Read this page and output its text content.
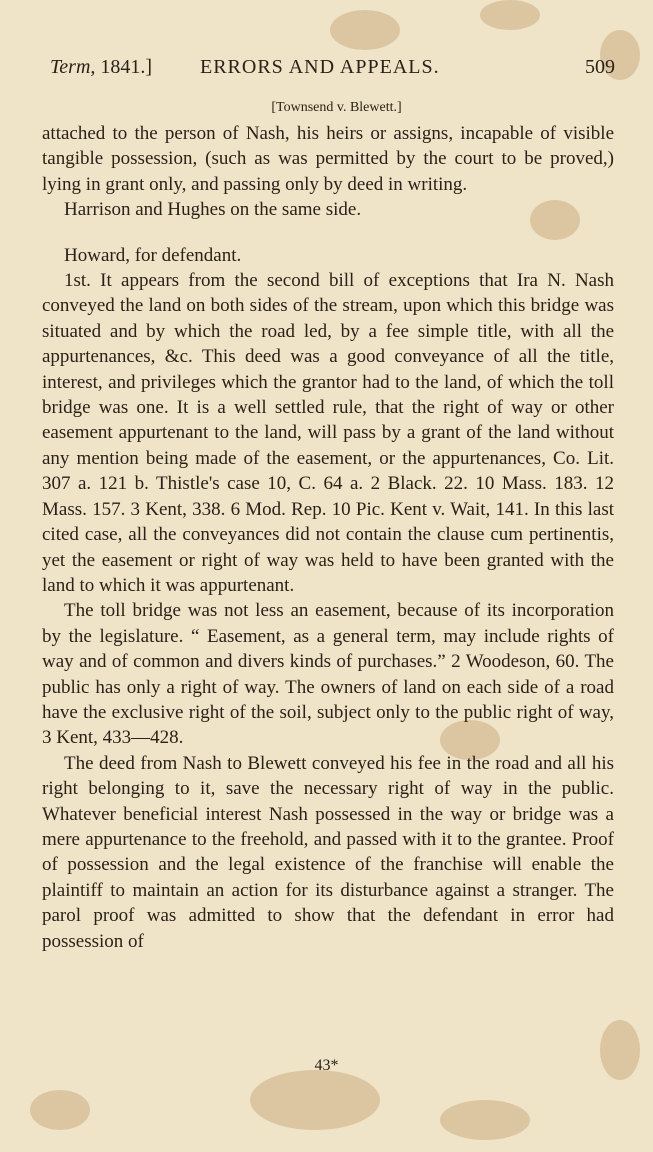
Term, 1841.] ERRORS AND APPEALS.	509
[Townsend v. Blewett.]

attached to the person of Nash, his heirs or assigns, incapable of visible tangible possession, (such as was permitted by the court to be proved,) lying in grant only, and passing only by deed in writing.

Harrison and Hughes on the same side.

Howard, for defendant.

1st. It appears from the second bill of exceptions that Ira N. Nash conveyed the land on both sides of the stream, upon which this bridge was situated and by which the road led, by a fee simple title, with all the appurtenances, &c. This deed was a good conveyance of all the title, interest, and privileges which the grantor had to the land, of which the toll bridge was one. It is a well settled rule, that the right of way or other easement appurtenant to the land, will pass by a grant of the land without any mention being made of the easement, or the appurtenances, Co. Lit. 307 a. 121 b. Thistle's case 10, C. 64 a. 2 Black. 22. 10 Mass. 183. 12 Mass. 157. 3 Kent, 338. 6 Mod. Rep. 10 Pic. Kent v. Wait, 141. In this last cited case, all the conveyances did not contain the clause cum pertinentis, yet the easement or right of way was held to have been granted with the land to which it was appurtenant.

The toll bridge was not less an easement, because of its incorporation by the legislature. “ Easement, as a general term, may include rights of way and of common and divers kinds of purchases.” 2 Woodeson, 60. The public has only a right of way. The owners of land on each side of a road have the exclusive right of the soil, subject only to the public right of way, 3 Kent, 433—428.

The deed from Nash to Blewett conveyed his fee in the road and all his right belonging to it, save the necessary right of way in the public. Whatever beneficial interest Nash possessed in the way or bridge was a mere appurtenance to the freehold, and passed with it to the grantee. Proof of possession and the legal existence of the franchise will enable the plaintiff to maintain an action for its disturbance against a stranger. The parol proof was admitted to show that the defendant in error had possession of

43*
